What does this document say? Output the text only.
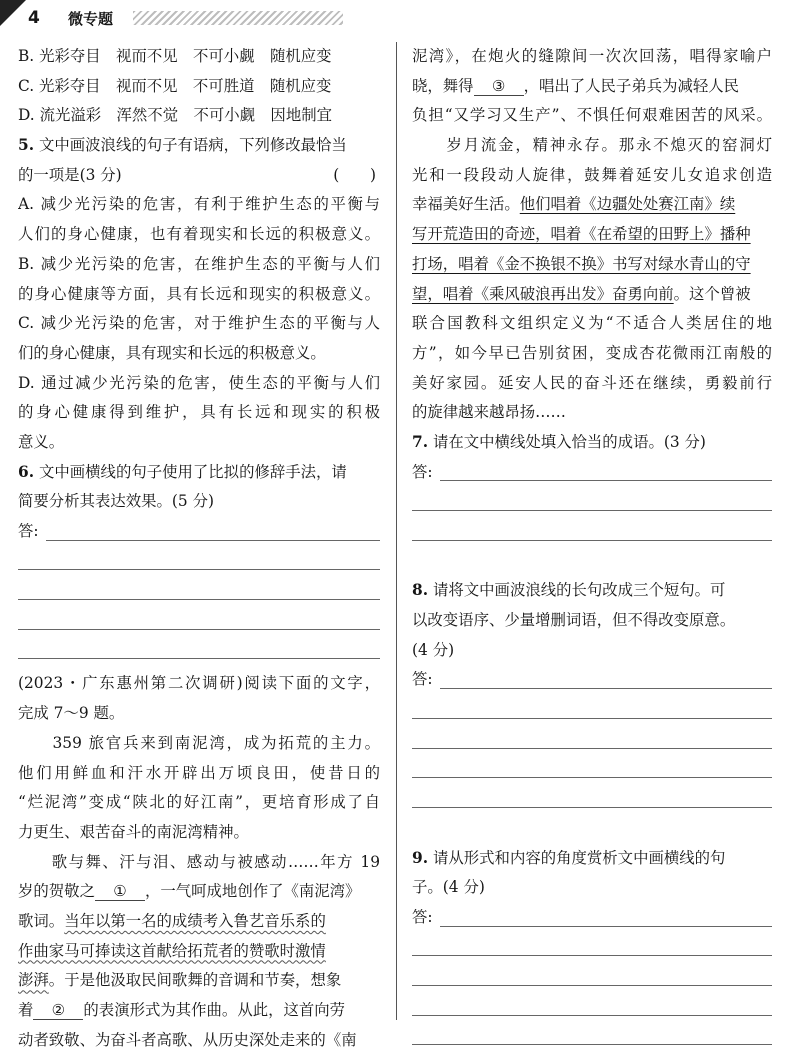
4 微专题
B. 光彩夺目　视而不见　不可小觑　随机应变
C. 光彩夺目　视而不见　不可胜道　随机应变
D. 流光溢彩　浑然不觉　不可小觑　因地制宜
5. 文中画波浪线的句子有语病，下列修改最恰当
的一项是(3 分)	(　　)
A. 减少光污染的危害，有利于维护生态的平衡与
人们的身心健康，也有着现实和长远的积极意义。
B. 减少光污染的危害，在维护生态的平衡与人们
的身心健康等方面，具有长远和现实的积极意义。
C. 减少光污染的危害，对于维护生态的平衡与人
们的身心健康，具有现实和长远的积极意义。
D. 通过减少光污染的危害，使生态的平衡与人们
的身心健康得到维护，具有长远和现实的积极
意义。
6. 文中画横线的句子使用了比拟的修辞手法，请
简要分析其表达效果。(5 分)
答:
(2023・广东惠州第二次调研)阅读下面的文字，
完成 7～9 题。
　　359 旅官兵来到南泥湾，成为拓荒的主力。
他们用鲜血和汗水开辟出万顷良田，使昔日的
“烂泥湾”变成“陕北的好江南”，更培育形成了自
力更生、艰苦奋斗的南泥湾精神。
　　歌与舞、汗与泪、感动与被感动……年方 19
岁的贺敬之 ① ，一气呵成地创作了《南泥湾》
歌词。当年以第一名的成绩考入鲁艺音乐系的
作曲家马可捧读这首献给拓荒者的赞歌时激情
澎湃。于是他汲取民间歌舞的音调和节奏，想象
着 ② 的表演形式为其作曲。从此，这首向劳
动者致敬、为奋斗者高歌、从历史深处走来的《南
泥湾》，在炮火的缝隙间一次次回荡，唱得家喻户
晓，舞得 ③ ，唱出了人民子弟兵为减轻人民
负担“又学习又生产”、不惧任何艰难困苦的风采。
　　岁月流金，精神永存。那永不熄灭的窑洞灯
光和一段段动人旋律，鼓舞着延安儿女追求创造
幸福美好生活。他们唱着《边疆处处赛江南》续
写开荒造田的奇迹，唱着《在希望的田野上》播种
打场，唱着《金不换银不换》书写对绿水青山的守
望，唱着《乘风破浪再出发》奋勇向前。这个曾被
联合国教科文组织定义为“不适合人类居住的地
方”，如今早已告别贫困，变成杏花微雨江南般的
美好家园。延安人民的奋斗还在继续，勇毅前行
的旋律越来越昂扬……
7. 请在文中横线处填入恰当的成语。(3 分)
答:
8. 请将文中画波浪线的长句改成三个短句。可
以改变语序、少量增删词语，但不得改变原意。
(4 分)
答:
9. 请从形式和内容的角度赏析文中画横线的句
子。(4 分)
答:
